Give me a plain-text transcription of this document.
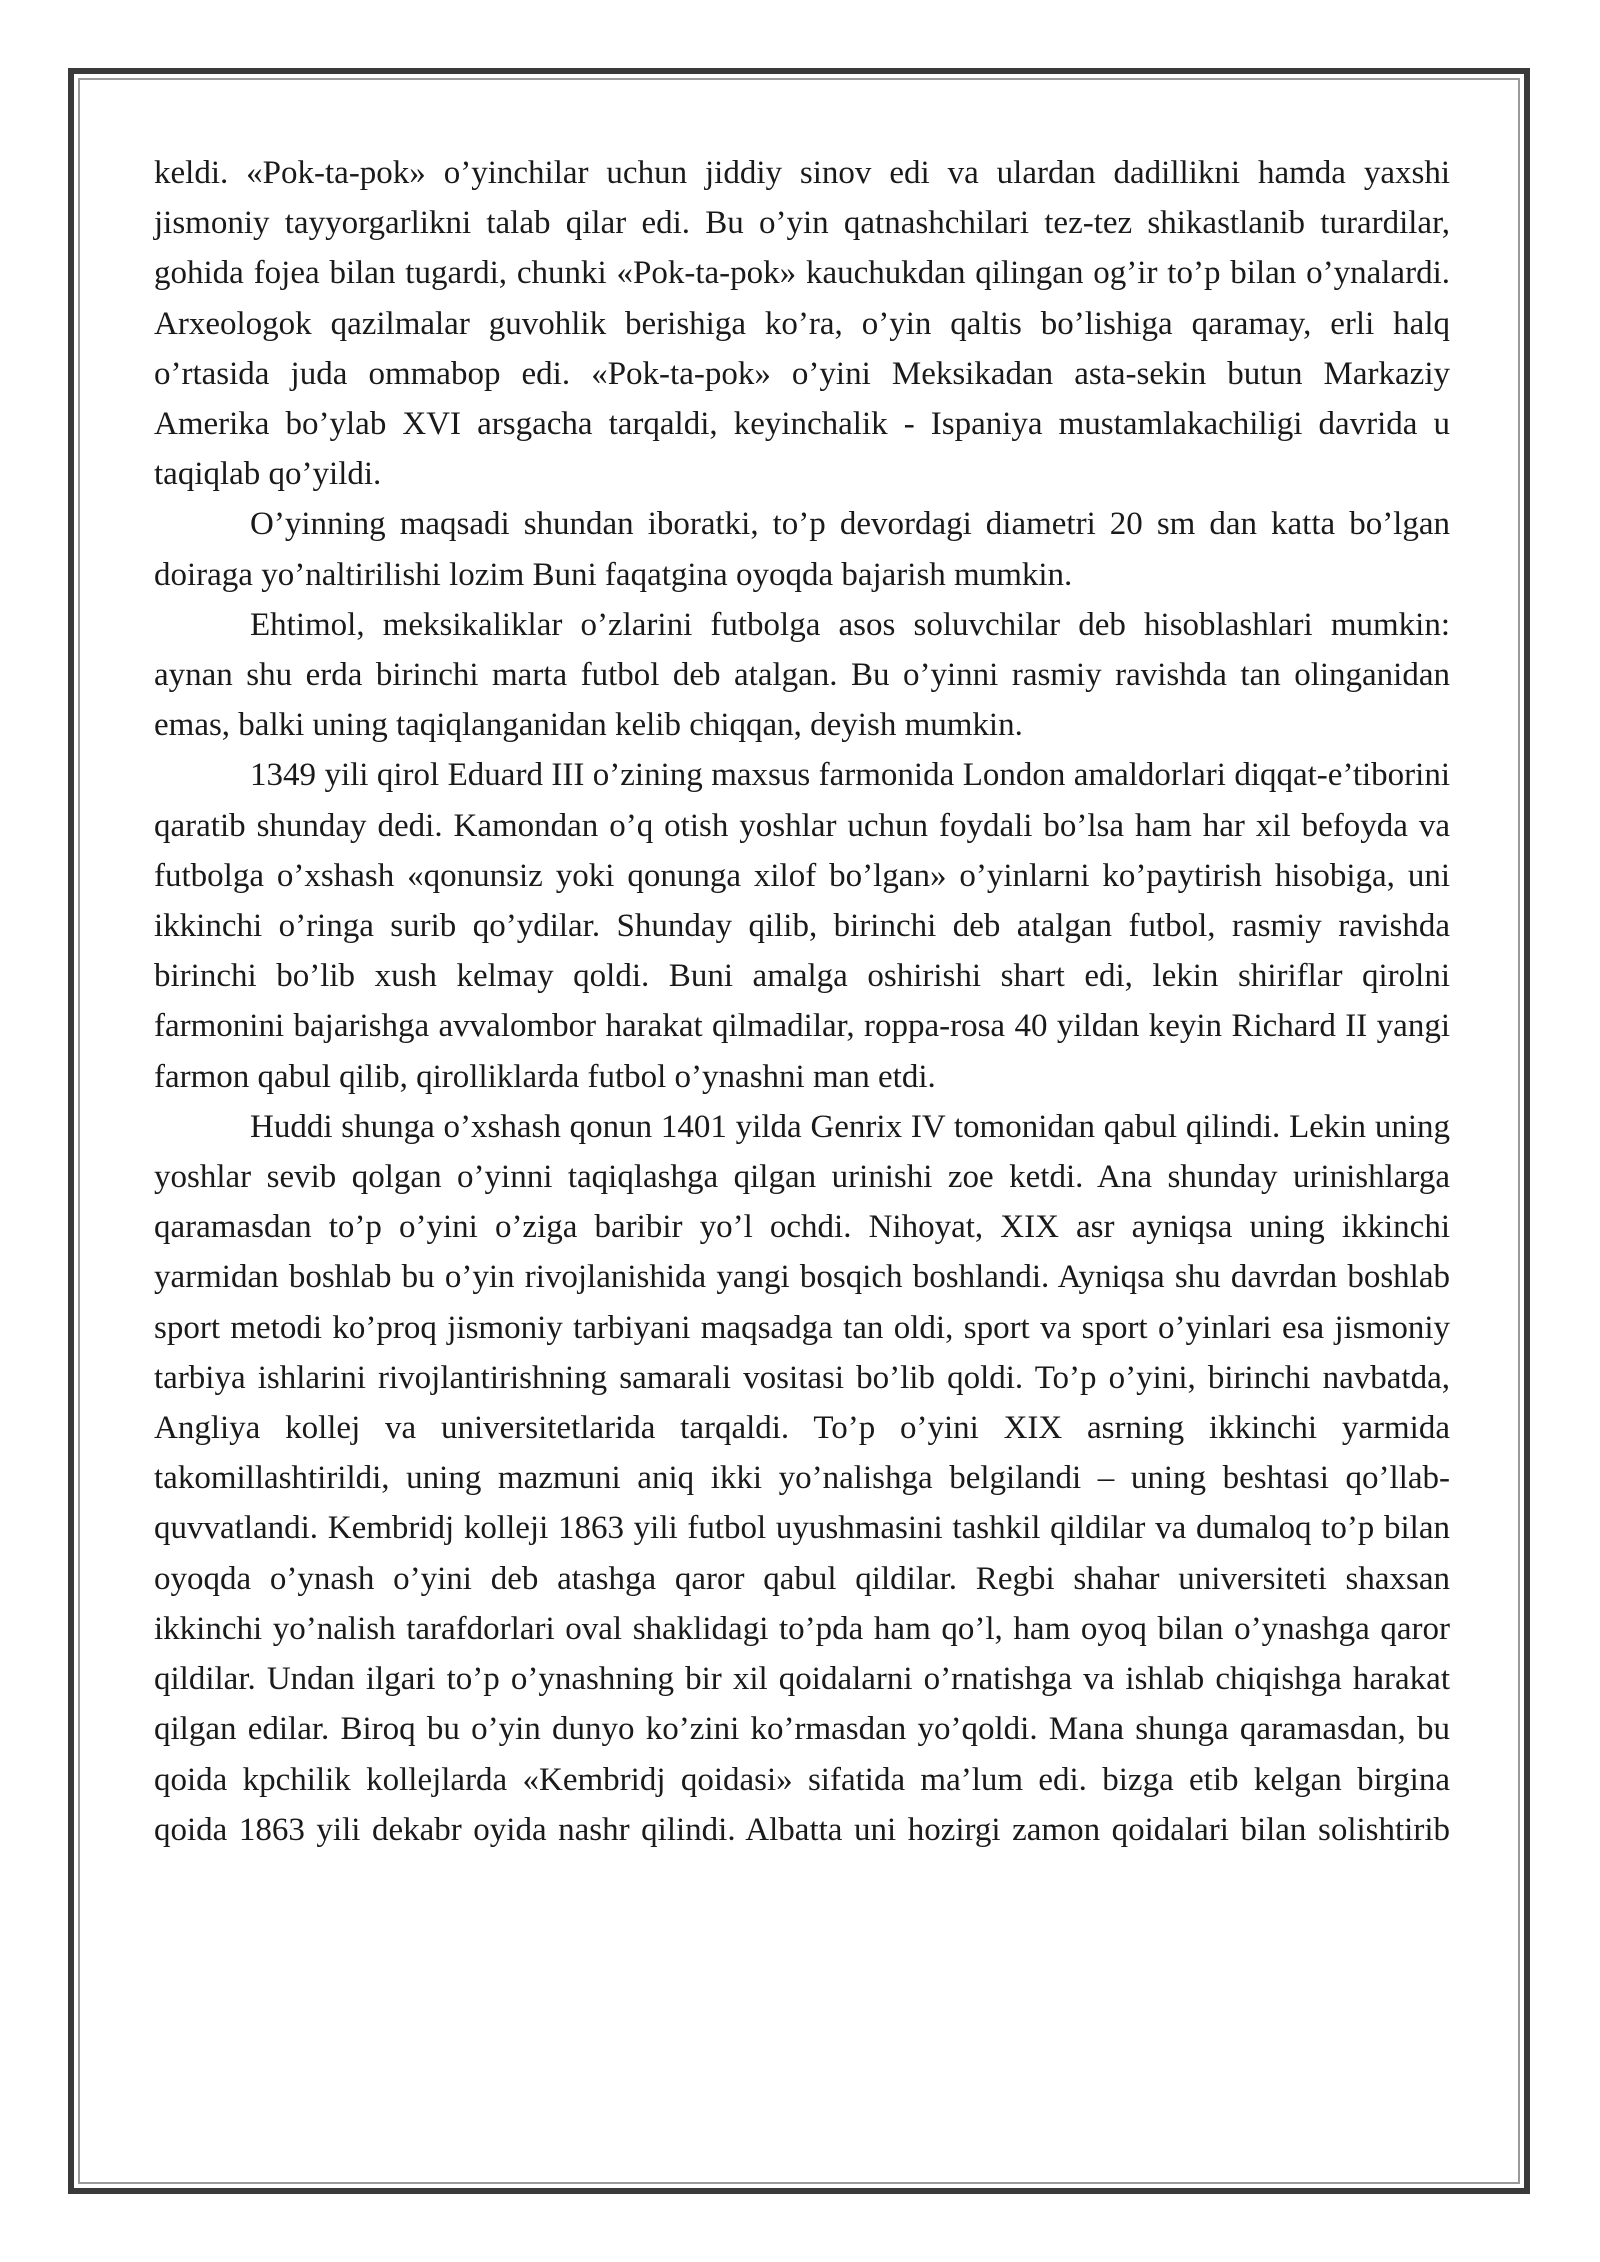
keldi. «Pok-ta-pok» o’yinchilar uchun jiddiy sinov edi va ulardan dadillikni hamda yaxshi jismoniy tayyorgarlikni talab qilar edi. Bu o’yin qatnashchilari tez-tez shikastlanib turardilar, gohida fojea bilan tugardi, chunki «Pok-ta-pok» kauchukdan qilingan og’ir to’p bilan o’ynalardi. Arxeologok qazilmalar guvohlik berishiga ko’ra, o’yin qaltis bo’lishiga qaramay, erli halq o’rtasida juda ommabop edi. «Pok-ta-pok» o’yini Meksikadan asta-sekin butun Markaziy Amerika bo’ylab XVI arsgacha tarqaldi, keyinchalik - Ispaniya mustamlakachiligi davrida u taqiqlab qo’yildi.

O’yinning maqsadi shundan iboratki, to’p devordagi diametri 20 sm dan katta bo’lgan doiraga yo’naltirilishi lozim Buni faqatgina oyoqda bajarish mumkin.

Ehtimol, meksikaliklar o’zlarini futbolga asos soluvchilar deb hisoblashlari mumkin: aynan shu erda birinchi marta futbol deb atalgan. Bu o’yinni rasmiy ravishda tan olinganidan emas, balki uning taqiqlanganidan kelib chiqqan, deyish mumkin.

1349 yili qirol Eduard III o’zining maxsus farmonida London amaldorlari diqqat-e’tiborini qaratib shunday dedi. Kamondan o’q otish yoshlar uchun foydali bo’lsa ham har xil befoyda va futbolga o’xshash «qonunsiz yoki qonunga xilof bo’lgan» o’yinlarni ko’paytirish hisobiga, uni ikkinchi o’ringa surib qo’ydilar. Shunday qilib, birinchi deb atalgan futbol, rasmiy ravishda birinchi bo’lib xush kelmay qoldi. Buni amalga oshirishi shart edi, lekin shiriflar qirolni farmonini bajarishga avvalombor harakat qilmadilar, roppa-rosa 40 yildan keyin Richard II yangi farmon qabul qilib, qirolliklarda futbol o’ynashni man etdi.

Huddi shunga o’xshash qonun 1401 yilda Genrix IV tomonidan qabul qilindi. Lekin uning yoshlar sevib qolgan o’yinni taqiqlashga qilgan urinishi zoe ketdi. Ana shunday urinishlarga qaramasdan to’p o’yini o’ziga baribir yo’l ochdi. Nihoyat, XIX asr ayniqsa uning ikkinchi yarmidan boshlab bu o’yin rivojlanishida yangi bosqich boshlandi. Ayniqsa shu davrdan boshlab sport metodi ko’proq jismoniy tarbiyani maqsadga tan oldi, sport va sport o’yinlari esa jismoniy tarbiya ishlarini rivojlantirishning samarali vositasi bo’lib qoldi. To’p o’yini, birinchi navbatda, Angliya kollej va universitetlarida tarqaldi. To’p o’yini XIX asrning ikkinchi yarmida takomillashtirildi, uning mazmuni aniq ikki yo’nalishga belgilandi – uning beshtasi qo’llab-quvvatlandi. Kembridj kolleji 1863 yili futbol uyushmasini tashkil qildilar va dumaloq to’p bilan oyoqda o’ynash o’yini deb atashga qaror qabul qildilar. Regbi shahar universiteti shaxsan ikkinchi yo’nalish tarafdorlari oval shaklidagi to’pda ham qo’l, ham oyoq bilan o’ynashga qaror qildilar. Undan ilgari to’p o’ynashning bir xil qoidalarni o’rnatishga va ishlab chiqishga harakat qilgan edilar. Biroq bu o’yin dunyo ko’zini ko’rmasdan yo’qoldi. Mana shunga qaramasdan, bu qoida kpchilik kollejlarda «Kembridj qoidasi» sifatida ma’lum edi. bizga etib kelgan birgina qoida 1863 yili dekabr oyida nashr qilindi. Albatta uni hozirgi zamon qoidalari bilan solishtirib
